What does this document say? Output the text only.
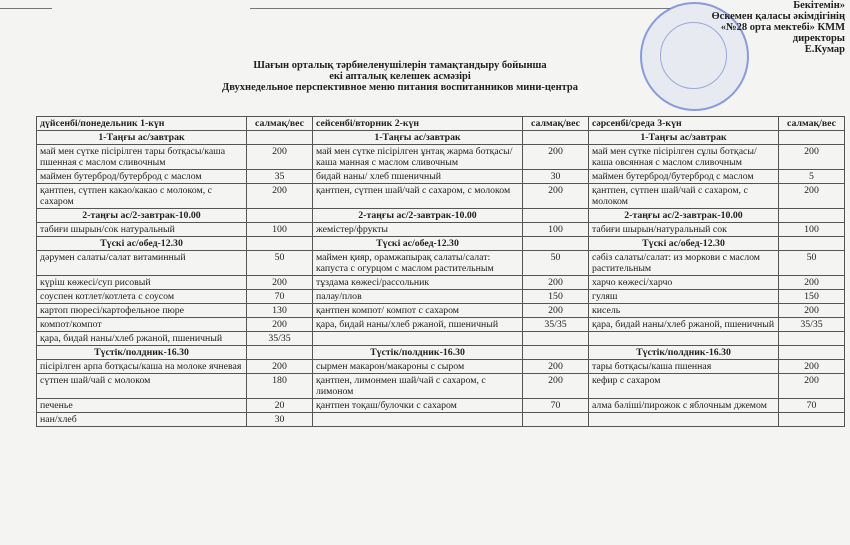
Бекітемін»
Өскемен қаласы әкімдігінің
«№28 орта мектебі» КММ
директоры
Е.Кумар
Шағын орталық тәрбиеленушілерін тамақтандыру бойынша
екі апталық келешек асмәзірі
Двухнедельное перспективное меню питания воспитанников мини-центра
дүйсенбі/понедельник 1-күн	салмақ/вес	сейсенбі/вторник 2-күн	салмақ/вес	сәрсенбі/среда 3-күн	салмақ/вес
1-Таңғы ас/завтрак		1-Таңғы ас/завтрак		1-Таңғы ас/завтрак	
май мен сүтке пісірілген тары ботқасы/каша пшенная с маслом сливочным	200	май мен сүтке пісірілген ұнтақ жарма ботқасы/каша манная с маслом сливочным	200	май мен сүтке пісірілген сұлы ботқасы/каша овсянная с маслом сливочным	200
маймен бутерброд/бутерброд с маслом	35	бидай наны/ хлеб пшеничный	30	маймен бутерброд/бутерброд с маслом	5
қантпен, сүтпен какао/какао с молоком, с сахаром	200	қантпен, сүтпен шай/чай с сахаром, с молоком	200	қантпен, сүтпен шай/чай с сахаром, с молоком	200
2-таңғы ас/2-завтрак-10.00		2-таңғы ас/2-завтрак-10.00		2-таңғы ас/2-завтрак-10.00	
табиғи шырын/сок натуральный	100	жемістер/фрукты	100	табиғи шырын/натуральный сок	100
Түскі ас/обед-12.30		Түскі ас/обед-12.30		Түскі ас/обед-12.30	
дәрумен салаты/салат витаминный	50	маймен қияр, орамжапырақ салаты/салат: капуста с огурцом с маслом растительным	50	сәбіз салаты/салат: из моркови с маслом растительным	50
күріш көжесі/суп рисовый	200	тұздама көжесі/рассольник	200	харчо көжесі/харчо	200
соуспен котлет/котлета с соусом	70	палау/плов	150	гуляш	150
картоп пюресі/картофельное пюре	130	қантпен компот/ компот с сахаром	200	кисель	200
компот/компот	200	қара, бидай наны/хлеб ржаной, пшеничный	35/35	қара, бидай наны/хлеб ржаной, пшеничный	35/35
қара, бидай наны/хлеб ржаной, пшеничный	35/35				
Түстік/полдник-16.30		Түстік/полдник-16.30		Түстік/полдник-16.30	
пісірілген арпа ботқасы/каша на молоке ячневая	200	сырмен макарон/макароны с сыром	200	тары ботқасы/каша пшенная	200
сүтпен шай/чай с молоком	180	қантпен, лимонмен шай/чай с сахаром, с лимоном	200	кефир с сахаром	200
печенье	20	қантпен тоқаш/булочки с сахаром	70	алма бәліші/пирожок с яблочным джемом	70
нан/хлеб	30				
